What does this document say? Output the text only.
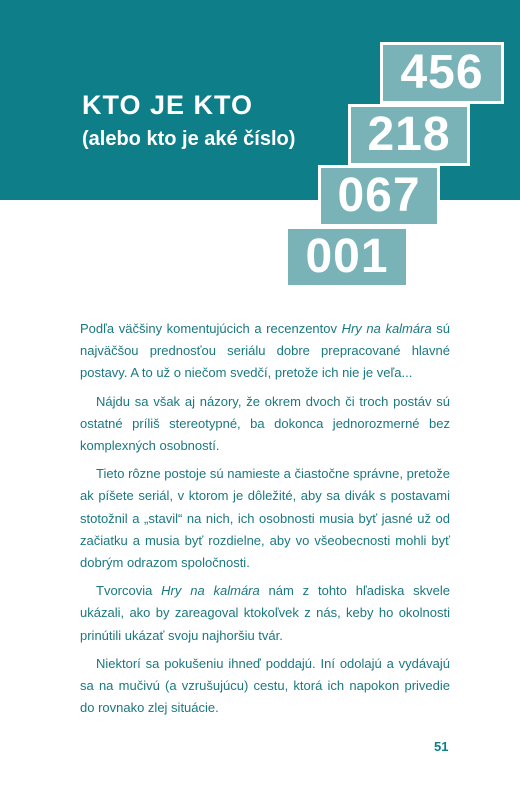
KTO JE KTO
(alebo kto je aké číslo)
456
218
067
001

Podľa väčšiny komentujúcich a recenzentov Hry na kalmára sú najväčšou prednosťou seriálu dobre prepracované hlavné postavy. A to už o niečom svedčí, pretože ich nie je veľa...

Nájdu sa však aj názory, že okrem dvoch či troch postáv sú ostatné príliš stereotypné, ba dokonca jednorozmerné bez komplexných osobností.

Tieto rôzne postoje sú namieste a čiastočne správne, pretože ak píšete seriál, v ktorom je dôležité, aby sa divák s postavami stotožnil a „stavil“ na nich, ich osobnosti musia byť jasné už od začiatku a musia byť rozdielne, aby vo všeobecnosti mohli byť dobrým odrazom spoločnosti.

Tvorcovia Hry na kalmára nám z tohto hľadiska skvele ukázali, ako by zareagoval ktokoľvek z nás, keby ho okolnosti prinútili ukázať svoju najhoršiu tvár.

Niektorí sa pokušeniu ihneď poddajú. Iní odolajú a vydávajú sa na mučivú (a vzrušujúcu) cestu, ktorá ich napokon privedie do rovnako zlej situácie.

51
